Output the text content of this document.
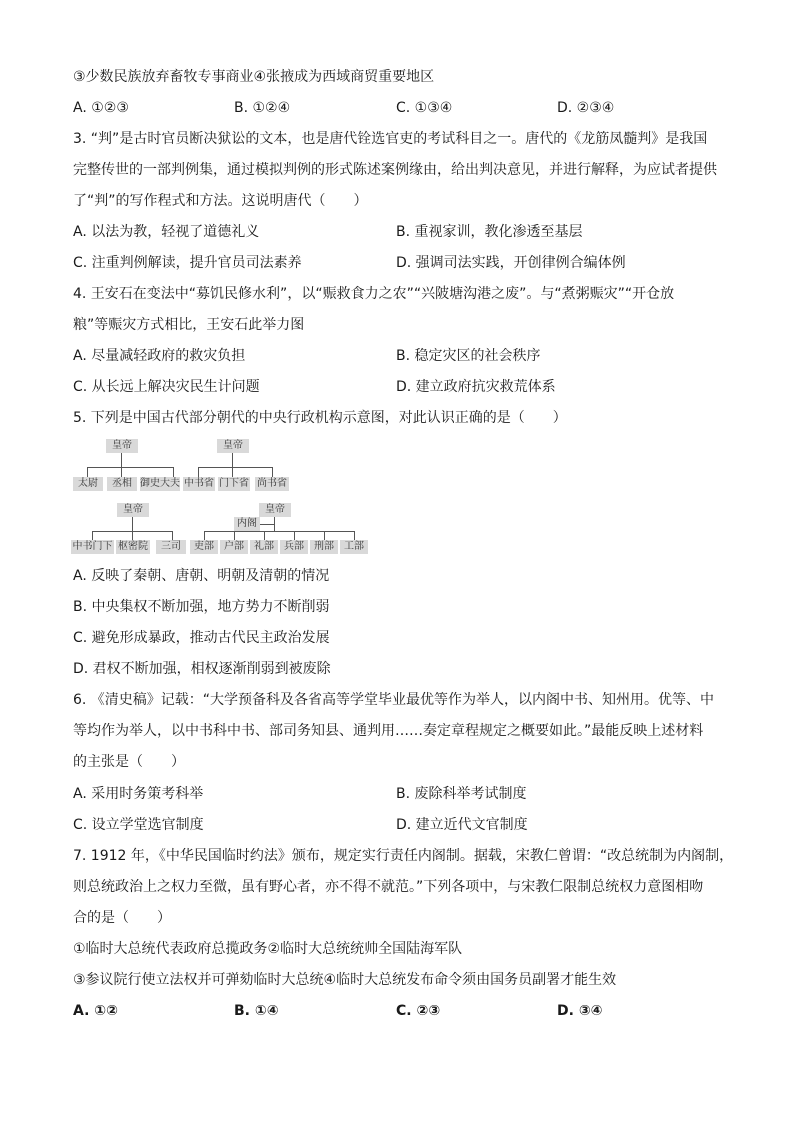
③少数民族放弃畜牧专事商业④张掖成为西域商贸重要地区
A. ①②③	B. ①②④	C. ①③④	D. ②③④
3. “判”是古时官员断决狱讼的文本，也是唐代铨选官吏的考试科目之一。唐代的《龙筋凤髓判》是我国
完整传世的一部判例集，通过模拟判例的形式陈述案例缘由，给出判决意见，并进行解释，为应试者提供
了“判”的写作程式和方法。这说明唐代（　　）
A. 以法为教，轻视了道德礼义	B. 重视家训，教化渗透至基层
C. 注重判例解读，提升官员司法素养	D. 强调司法实践，开创律例合编体例
4. 王安石在变法中“募饥民修水利”，以“赈救食力之农”“兴陂塘沟港之废”。与“煮粥赈灾”“开仓放
粮”等赈灾方式相比，王安石此举力图
A. 尽量减轻政府的救灾负担	B. 稳定灾区的社会秩序
C. 从长远上解决灾民生计问题	D. 建立政府抗灾救荒体系
5. 下列是中国古代部分朝代的中央行政机构示意图，对此认识正确的是（　　）
皇帝
太尉	丞相 御史大夫
皇帝
中书省 门下省 尚书省
皇帝
中书门下 枢密院	三司
皇帝
内阁
吏部	户部	礼部	兵部	刑部	工部
A. 反映了秦朝、唐朝、明朝及清朝的情况
B. 中央集权不断加强，地方势力不断削弱
C. 避免形成暴政，推动古代民主政治发展
D. 君权不断加强，相权逐渐削弱到被废除
6. 《清史稿》记载：“大学预备科及各省高等学堂毕业最优等作为举人，以内阁中书、知州用。优等、中
等均作为举人，以中书科中书、部司务知县、通判用……奏定章程规定之概要如此。”最能反映上述材料
的主张是（　　）
A. 采用时务策考科举	B. 废除科举考试制度
C. 设立学堂选官制度	D. 建立近代文官制度
7. 1912 年，《中华民国临时约法》颁布，规定实行责任内阁制。据载，宋教仁曾谓：“改总统制为内阁制，
则总统政治上之权力至微，虽有野心者，亦不得不就范。”下列各项中，与宋教仁限制总统权力意图相吻
合的是（　　）
①临时大总统代表政府总揽政务②临时大总统统帅全国陆海军队
③参议院行使立法权并可弹劾临时大总统④临时大总统发布命令须由国务员副署才能生效
A. ①②	B. ①④	C. ②③	D. ③④
